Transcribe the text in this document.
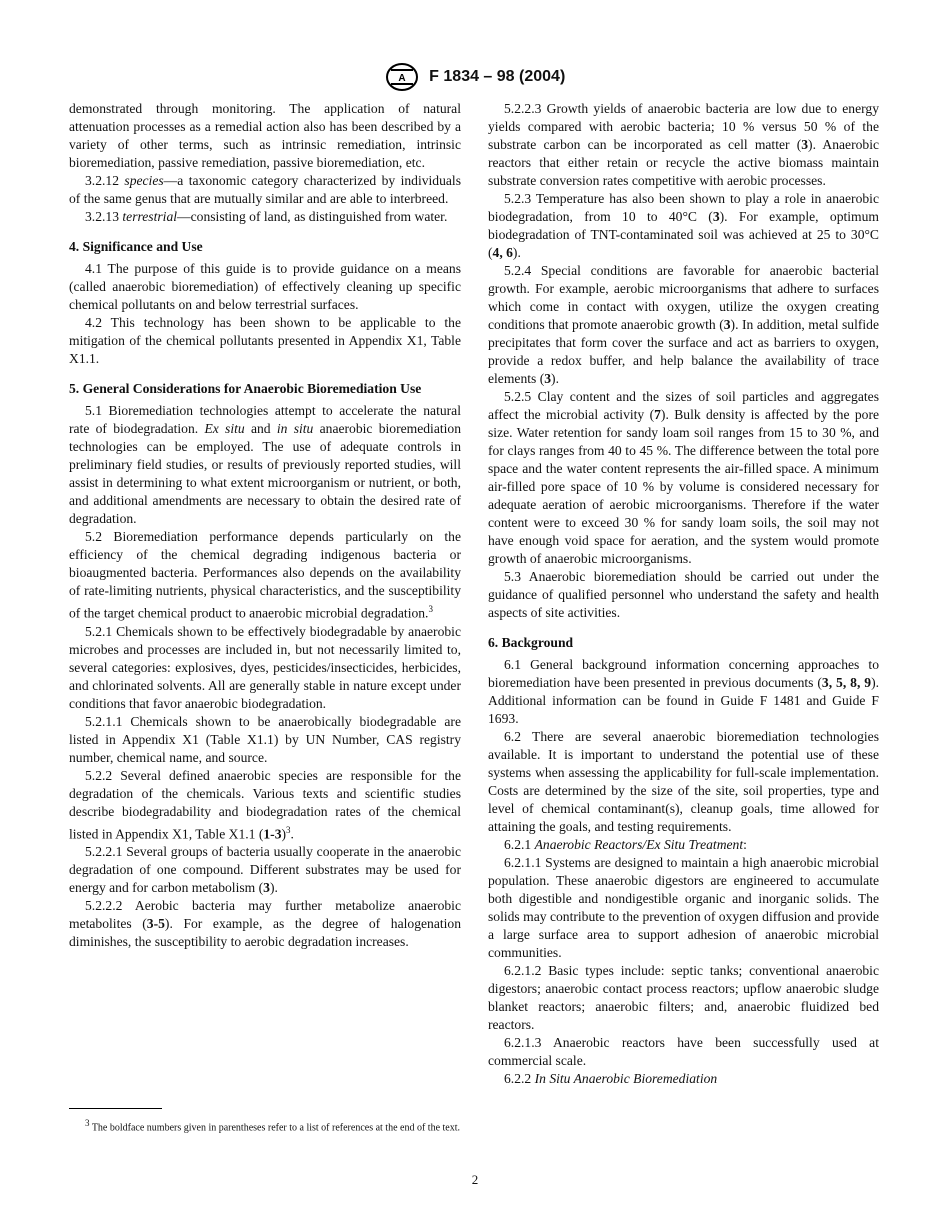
A F 1834 – 98 (2004)

demonstrated through monitoring. The application of natural attenuation processes as a remedial action also has been described by a variety of other terms, such as intrinsic remediation, intrinsic bioremediation, passive remediation, passive bioremediation, etc.

3.2.12 species—a taxonomic category characterized by individuals of the same genus that are mutually similar and are able to interbreed.

3.2.13 terrestrial—consisting of land, as distinguished from water.

4. Significance and Use

4.1 The purpose of this guide is to provide guidance on a means (called anaerobic bioremediation) of effectively cleaning up specific chemical pollutants on and below terrestrial surfaces.

4.2 This technology has been shown to be applicable to the mitigation of the chemical pollutants presented in Appendix X1, Table X1.1.

5. General Considerations for Anaerobic Bioremediation Use

5.1 Bioremediation technologies attempt to accelerate the natural rate of biodegradation. Ex situ and in situ anaerobic bioremediation technologies can be employed. The use of adequate controls in preliminary field studies, or results of previously reported studies, will assist in determining to what extent microorganism or nutrient, or both, and additional amendments are necessary to obtain the desired rate of degradation.

5.2 Bioremediation performance depends particularly on the efficiency of the chemical degrading indigenous bacteria or bioaugmented bacteria. Performances also depends on the availability of rate-limiting nutrients, physical characteristics, and the susceptibility of the target chemical product to anaerobic microbial degradation.$^3$

5.2.1 Chemicals shown to be effectively biodegradable by anaerobic microbes and processes are included in, but not necessarily limited to, several categories: explosives, dyes, pesticides/insecticides, herbicides, and chlorinated solvents. All are generally stable in nature except under conditions that favor anaerobic biodegradation.

5.2.1.1 Chemicals shown to be anaerobically biodegradable are listed in Appendix X1 (Table X1.1) by UN Number, CAS registry number, chemical name, and source.

5.2.2 Several defined anaerobic species are responsible for the degradation of the chemicals. Various texts and scientific studies describe biodegradability and biodegradation rates of the chemical listed in Appendix X1, Table X1.1 $(1-3)^3$.

5.2.2.1 Several groups of bacteria usually cooperate in the anaerobic degradation of one compound. Different substrates may be used for energy and for carbon metabolism (3).

5.2.2.2 Aerobic bacteria may further metabolize anaerobic metabolites (3-5). For example, as the degree of halogenation diminishes, the susceptibility to aerobic degradation increases.

5.2.2.3 Growth yields of anaerobic bacteria are low due to energy yields compared with aerobic bacteria; 10 % versus 50 % of the substrate carbon can be incorporated as cell matter (3). Anaerobic reactors that either retain or recycle the active biomass maintain substrate conversion rates competitive with aerobic processes.

5.2.3 Temperature has also been shown to play a role in anaerobic biodegradation, from 10 to 40°C (3). For example, optimum biodegradation of TNT-contaminated soil was achieved at 25 to 30°C (4, 6).

5.2.4 Special conditions are favorable for anaerobic bacterial growth. For example, aerobic microorganisms that adhere to surfaces which come in contact with oxygen, utilize the oxygen creating conditions that promote anaerobic growth (3). In addition, metal sulfide precipitates that form cover the surface and act as barriers to oxygen, provide a redox buffer, and help balance the availability of trace elements (3).

5.2.5 Clay content and the sizes of soil particles and aggregates affect the microbial activity (7). Bulk density is affected by the pore size. Water retention for sandy loam soil ranges from 15 to 30 %, and for clays ranges from 40 to 45 %. The difference between the total pore space and the water content represents the air-filled space. A minimum air-filled pore space of 10 % by volume is considered necessary for adequate aeration of aerobic microorganisms. Therefore if the water content were to exceed 30 % for sandy loam soils, the soil may not have enough void space for aeration, and the system would promote growth of anaerobic microorganisms.

5.3 Anaerobic bioremediation should be carried out under the guidance of qualified personnel who understand the safety and health aspects of site activities.

6. Background

6.1 General background information concerning approaches to bioremediation have been presented in previous documents (3, 5, 8, 9). Additional information can be found in Guide F 1481 and Guide F 1693.

6.2 There are several anaerobic bioremediation technologies available. It is important to understand the potential use of these systems when assessing the applicability for full-scale implementation. Costs are determined by the size of the site, soil properties, type and level of chemical contaminant(s), cleanup goals, time allowed for attaining the goals, and testing requirements.

6.2.1 Anaerobic Reactors/Ex Situ Treatment:

6.2.1.1 Systems are designed to maintain a high anaerobic microbial population. These anaerobic digestors are engineered to accumulate both digestible and nondigestible organic and inorganic solids. The solids may contribute to the prevention of oxygen diffusion and provide a large surface area to support adhesion of anaerobic microbial communities.

6.2.1.2 Basic types include: septic tanks; conventional anaerobic digestors; anaerobic contact process reactors; upflow anaerobic sludge blanket reactors; anaerobic filters; and, anaerobic fluidized bed reactors.

6.2.1.3 Anaerobic reactors have been successfully used at commercial scale.

6.2.2 In Situ Anaerobic Bioremediation

$^3$ The boldface numbers given in parentheses refer to a list of references at the end of the text.
2
